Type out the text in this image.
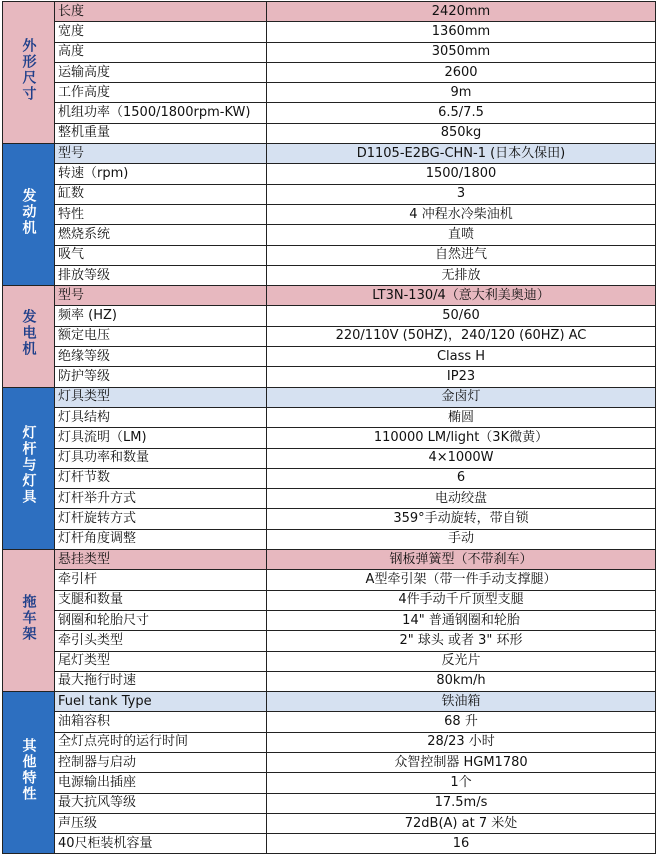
外形尺寸	长度	2420mm
	宽度	1360mm
	高度	3050mm
	运输高度	2600
	工作高度	9m
	机组功率（1500/1800rpm-KW)	6.5/7.5
	整机重量	850kg
发动机	型号	D1105-E2BG-CHN-1 (日本久保田)
	转速（rpm)	1500/1800
	缸数	3
	特性	4 冲程水冷柴油机
	燃烧系统	直喷
	吸气	自然进气
	排放等级	无排放
发电机	型号	LT3N-130/4（意大利美奥迪）
	频率 (HZ)	50/60
	额定电压	220/110V (50HZ)，240/120 (60HZ) AC
	绝缘等级	Class H
	防护等级	IP23
灯杆与灯具	灯具类型	金卤灯
	灯具结构	椭圆
	灯具流明（LM)	110000 LM/light（3K微黄）
	灯具功率和数量	4×1000W
	灯杆节数	6
	灯杆举升方式	电动绞盘
	灯杆旋转方式	359°手动旋转，带自锁
	灯杆角度调整	手动
拖车架	悬挂类型	钢板弹簧型（不带刹车）
	牵引杆	A型牵引架（带一件手动支撑腿）
	支腿和数量	4件手动千斤顶型支腿
	钢圈和轮胎尺寸	14" 普通钢圈和轮胎
	牵引头类型	2" 球头 或者 3" 环形
	尾灯类型	反光片
	最大拖行时速	80km/h
其他特性	Fuel tank Type	铁油箱
	油箱容积	68 升
	全灯点亮时的运行时间	28/23 小时
	控制器与启动	众智控制器 HGM1780
	电源输出插座	1个
	最大抗风等级	17.5m/s
	声压级	72dB(A) at 7 米处
	40尺柜装机容量	16
